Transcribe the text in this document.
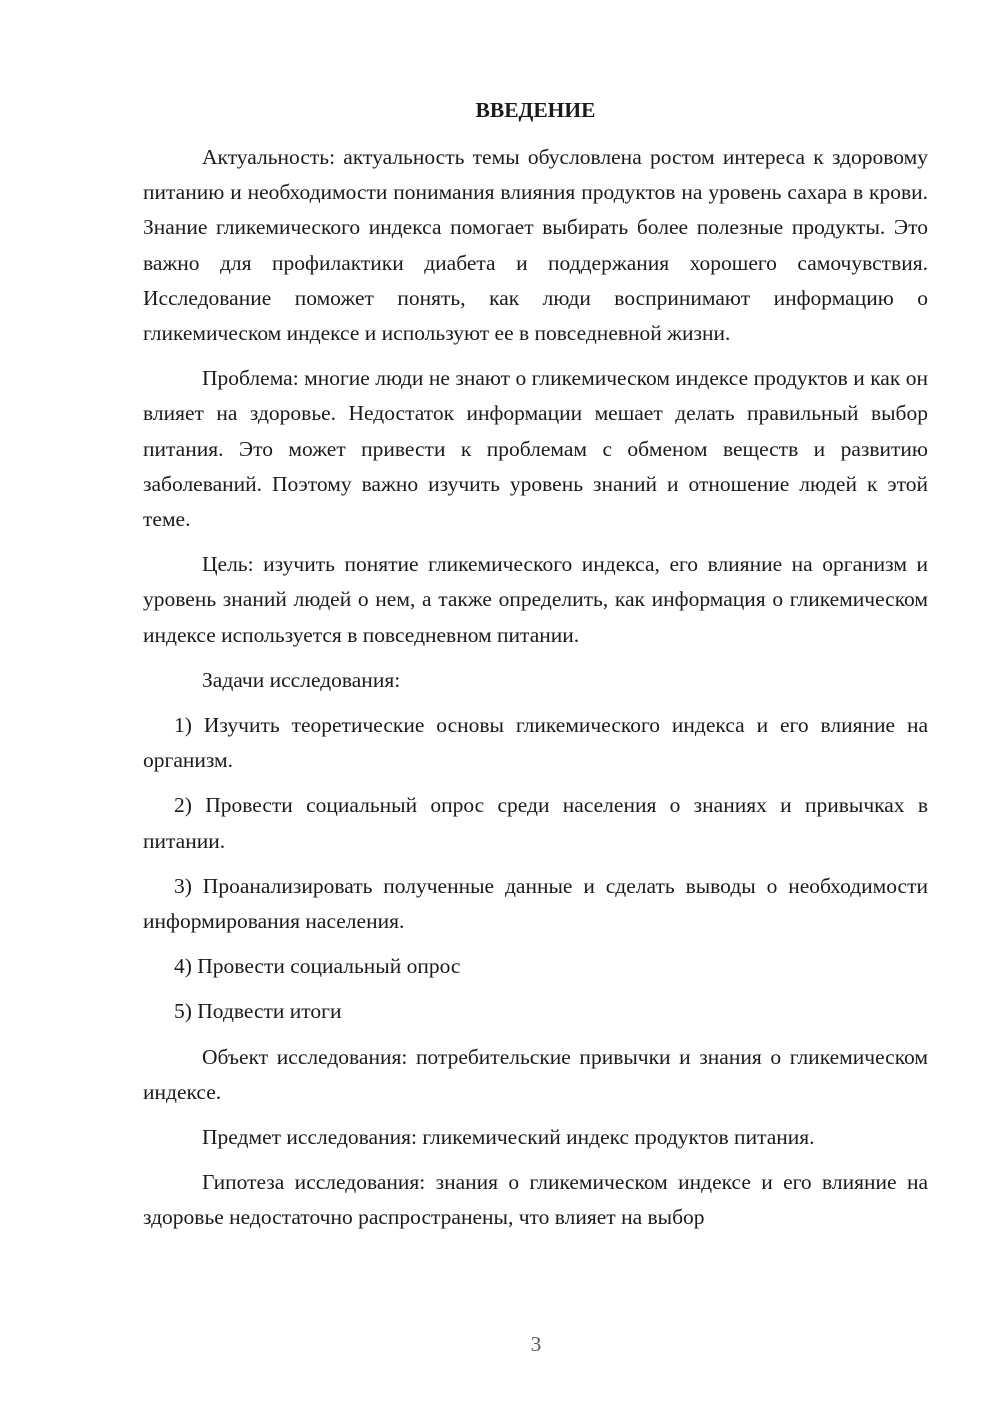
ВВЕДЕНИЕ

Актуальность: актуальность темы обусловлена ростом интереса к здоровому питанию и необходимости понимания влияния продуктов на уровень сахара в крови. Знание гликемического индекса помогает выбирать более полезные продукты. Это важно для профилактики диабета и поддержания хорошего самочувствия. Исследование поможет понять, как люди воспринимают информацию о гликемическом индексе и используют ее в повседневной жизни.

Проблема: многие люди не знают о гликемическом индексе продуктов и как он влияет на здоровье. Недостаток информации мешает делать правильный выбор питания. Это может привести к проблемам с обменом веществ и развитию заболеваний. Поэтому важно изучить уровень знаний и отношение людей к этой теме.

Цель: изучить понятие гликемического индекса, его влияние на организм и уровень знаний людей о нем, а также определить, как информация о гликемическом индексе используется в повседневном питании.

Задачи исследования:

1) Изучить теоретические основы гликемического индекса и его влияние на организм.

2) Провести социальный опрос среди населения о знаниях и привычках в питании.

3) Проанализировать полученные данные и сделать выводы о необходимости информирования населения.

4) Провести социальный опрос

5) Подвести итоги

Объект исследования: потребительские привычки и знания о гликемическом индексе.

Предмет исследования: гликемический индекс продуктов питания.

Гипотеза исследования: знания о гликемическом индексе и его влияние на здоровье недостаточно распространены, что влияет на выбор

3
